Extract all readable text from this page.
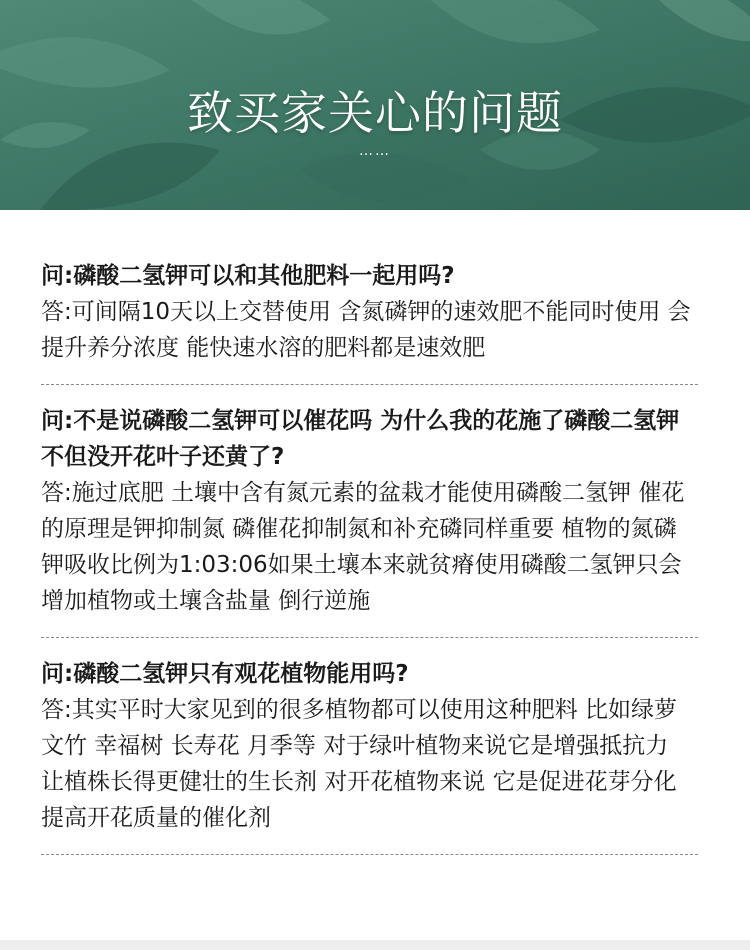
致买家关心的问题
……

问:磷酸二氢钾可以和其他肥料一起用吗?

答:可间隔10天以上交替使用 含氮磷钾的速效肥不能同时使用 会提升养分浓度 能快速水溶的肥料都是速效肥

问:不是说磷酸二氢钾可以催花吗 为什么我的花施了磷酸二氢钾不但没开花叶子还黄了?

答:施过底肥 土壤中含有氮元素的盆栽才能使用磷酸二氢钾 催花的原理是钾抑制氮 磷催花抑制氮和补充磷同样重要 植物的氮磷钾吸收比例为1:03:06如果土壤本来就贫瘠使用磷酸二氢钾只会增加植物或土壤含盐量 倒行逆施

问:磷酸二氢钾只有观花植物能用吗?

答:其实平时大家见到的很多植物都可以使用这种肥料 比如绿萝 文竹 幸福树 长寿花 月季等 对于绿叶植物来说它是增强抵抗力 让植株长得更健壮的生长剂 对开花植物来说 它是促进花芽分化 提高开花质量的催化剂
